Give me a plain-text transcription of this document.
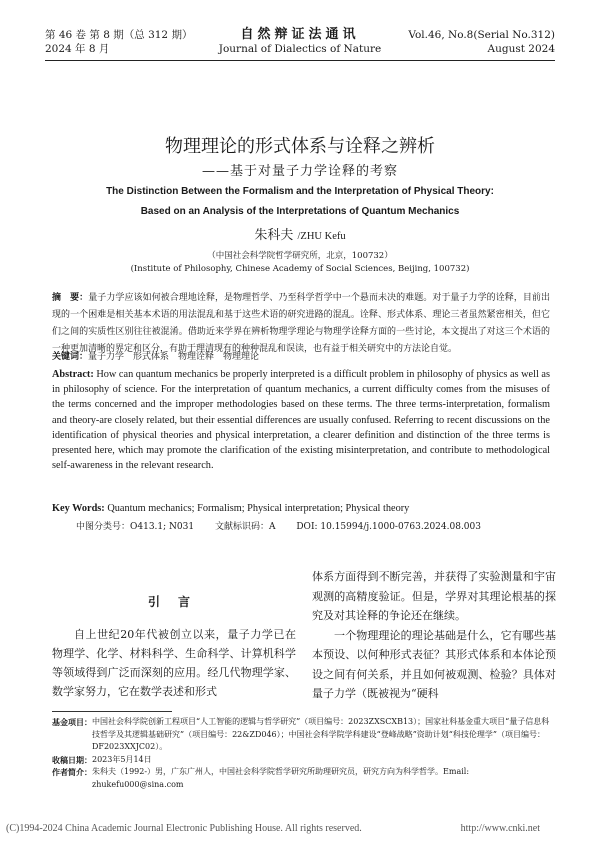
第 46 卷 第 8 期（总 312 期）
2024 年 8 月
自然辩证法通讯
Journal of Dialectics of Nature
Vol.46, No.8(Serial No.312)
August 2024
物理理论的形式体系与诠释之辨析
——基于对量子力学诠释的考察
The Distinction Between the Formalism and the Interpretation of Physical Theory:
Based on an Analysis of the Interpretations of Quantum Mechanics
朱科夫 /ZHU Kefu
（中国社会科学院哲学研究所，北京，100732）
(Institute of Philosophy, Chinese Academy of Social Sciences, Beijing, 100732)
摘　要：量子力学应该如何被合理地诠释，是物理哲学、乃至科学哲学中一个悬而未决的难题。对于量子力学的诠释，目前出现的一个困难是相关基本术语的用法混乱和基于这些术语的研究进路的混乱。诠释、形式体系、理论三者虽然紧密相关，但它们之间的实质性区别往往被混淆。借助近来学界在辨析物理学理论与物理学诠释方面的一些讨论，本文提出了对这三个术语的一种更加清晰的界定和区分，有助于理清现有的种种混乱和误读，也有益于相关研究中的方法论自觉。
关键词：量子力学　形式体系　物理诠释　物理理论
Abstract: How can quantum mechanics be properly interpreted is a difficult problem in philosophy of physics as well as in philosophy of science. For the interpretation of quantum mechanics, a current difficulty comes from the misuses of the terms concerned and the improper methodologies based on these terms. The three terms-interpretation, formalism and theory-are closely related, but their essential differences are usually confused. Referring to recent discussions on the identification of physical theories and physical interpretation, a clearer definition and distinction of the three terms is presented here, which may promote the clarification of the existing misinterpretation, and contribute to methodological self-awareness in the relevant research.
Key Words: Quantum mechanics; Formalism; Physical interpretation; Physical theory
中图分类号：O413.1; N031 文献标识码：A DOI: 10.15994/j.1000-0763.2024.08.003
引言
自上世纪20年代被创立以来，量子力学已在物理学、化学、材料科学、生命科学、计算机科学等领域得到广泛而深刻的应用。经几代物理学家、数学家努力，它在数学表述和形式
体系方面得到不断完善，并获得了实验测量和宇宙观测的高精度验证。但是，学界对其理论根基的探究及对其诠释的争论还在继续。
一个物理理论的理论基础是什么，它有哪些基本预设、以何种形式表征？其形式体系和本体论预设之间有何关系，并且如何被观测、检验？具体对量子力学（既被视为“硬科
基金项目： 中国社会科学院创新工程项目“人工智能的逻辑与哲学研究”（项目编号：2023ZXSCXB13）；国家社科基金重大项目“量子信息科技哲学及其逻辑基础研究”（项目编号：22&ZD046）；中国社会科学院学科建设“登峰战略”资助计划“科技伦理学”（项目编号：DF2023XXJC02）。
收稿日期： 2023年5月14日
作者简介： 朱科夫（1992-）男，广东广州人，中国社会科学院哲学研究所助理研究员，研究方向为科学哲学。Email: zhukefu000@sina.com
(C)1994-2024 China Academic Journal Electronic Publishing House. All rights reserved.	http://www.cnki.net
